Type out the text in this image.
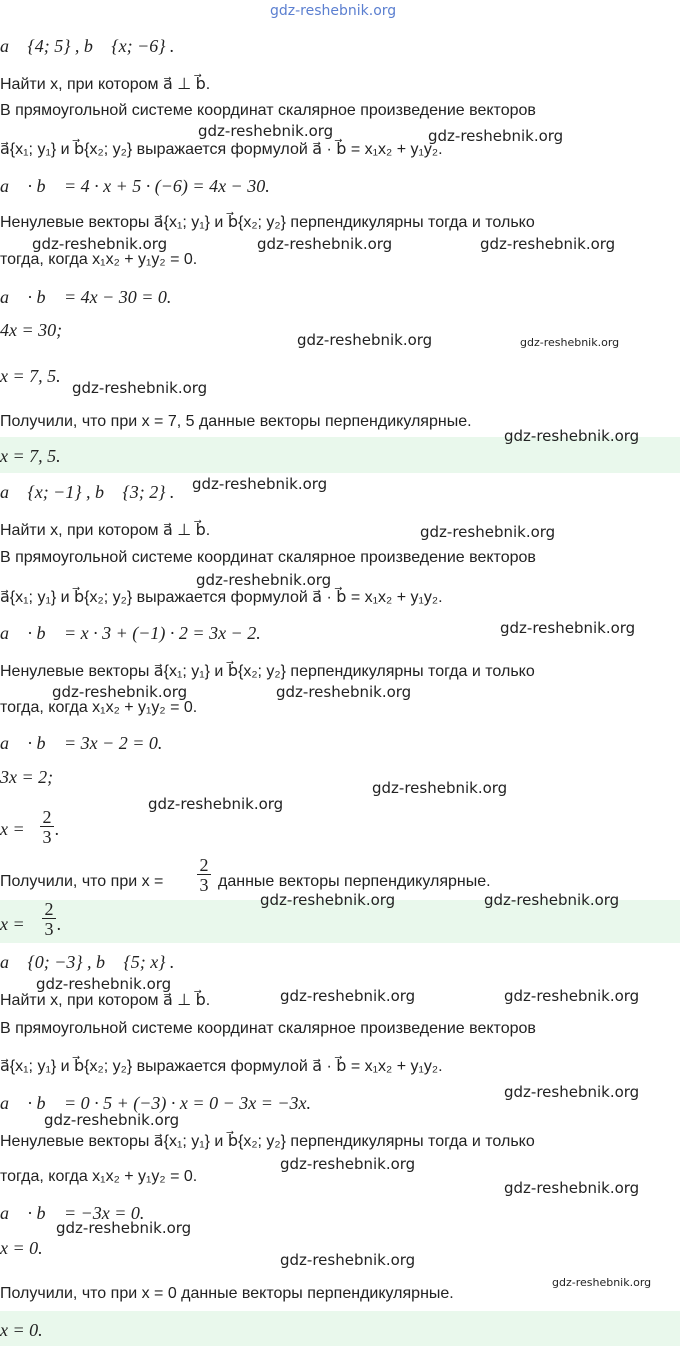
gdz-reshebnik.org
a⃗ {4; 5} , b⃗ {x; −6} .
Найти x, при котором a⃗ ⊥ b⃗.
В прямоугольной системе координат скалярное произведение векторов
a⃗{x₁; y₁} и b⃗{x₂; y₂} выражается формулой a⃗ · b⃗ = x₁x₂ + y₁y₂.
a⃗ · b⃗ = 4 · x + 5 · (−6) = 4x − 30.
Ненулевые векторы a⃗{x₁; y₁} и b⃗{x₂; y₂} перпендикулярны тогда и только
тогда, когда x₁x₂ + y₁y₂ = 0.
a⃗ · b⃗ = 4x − 30 = 0.
4x = 30;
x = 7, 5.
Получили, что при x = 7, 5 данные векторы перпендикулярные.
x = 7, 5.
a⃗ {x; −1} , b⃗ {3; 2} .
Найти x, при котором a⃗ ⊥ b⃗.
В прямоугольной системе координат скалярное произведение векторов
a⃗{x₁; y₁} и b⃗{x₂; y₂} выражается формулой a⃗ · b⃗ = x₁x₂ + y₁y₂.
a⃗ · b⃗ = x · 3 + (−1) · 2 = 3x − 2.
Ненулевые векторы a⃗{x₁; y₁} и b⃗{x₂; y₂} перпендикулярны тогда и только
тогда, когда x₁x₂ + y₁y₂ = 0.
a⃗ · b⃗ = 3x − 2 = 0.
3x = 2;
x =
2
3 .
Получили, что при x =
2
3 данные векторы перпендикулярные.
x =
2
3 .
a⃗ {0; −3} , b⃗ {5; x} .
Найти x, при котором a⃗ ⊥ b⃗.
В прямоугольной системе координат скалярное произведение векторов
a⃗{x₁; y₁} и b⃗{x₂; y₂} выражается формулой a⃗ · b⃗ = x₁x₂ + y₁y₂.
a⃗ · b⃗ = 0 · 5 + (−3) · x = 0 − 3x = −3x.
Ненулевые векторы a⃗{x₁; y₁} и b⃗{x₂; y₂} перпендикулярны тогда и только
тогда, когда x₁x₂ + y₁y₂ = 0.
a⃗ · b⃗ = −3x = 0.
x = 0.
Получили, что при x = 0 данные векторы перпендикулярные.
x = 0.
gdz-reshebnik.org	gdz-reshebnik.org
gdz-reshebnik.org	gdz-reshebnik.org	gdz-reshebnik.org
gdz-reshebnik.org	gdz-reshebnik.org
gdz-reshebnik.org
gdz-reshebnik.org
gdz-reshebnik.org
gdz-reshebnik.org
gdz-reshebnik.org
gdz-reshebnik.org
gdz-reshebnik.org	gdz-reshebnik.org
gdz-reshebnik.org
gdz-reshebnik.org
gdz-reshebnik.org	gdz-reshebnik.org
gdz-reshebnik.org
gdz-reshebnik.org	gdz-reshebnik.org
gdz-reshebnik.org
gdz-reshebnik.org
gdz-reshebnik.org
gdz-reshebnik.org
gdz-reshebnik.org
gdz-reshebnik.org
gdz-reshebnik.org
